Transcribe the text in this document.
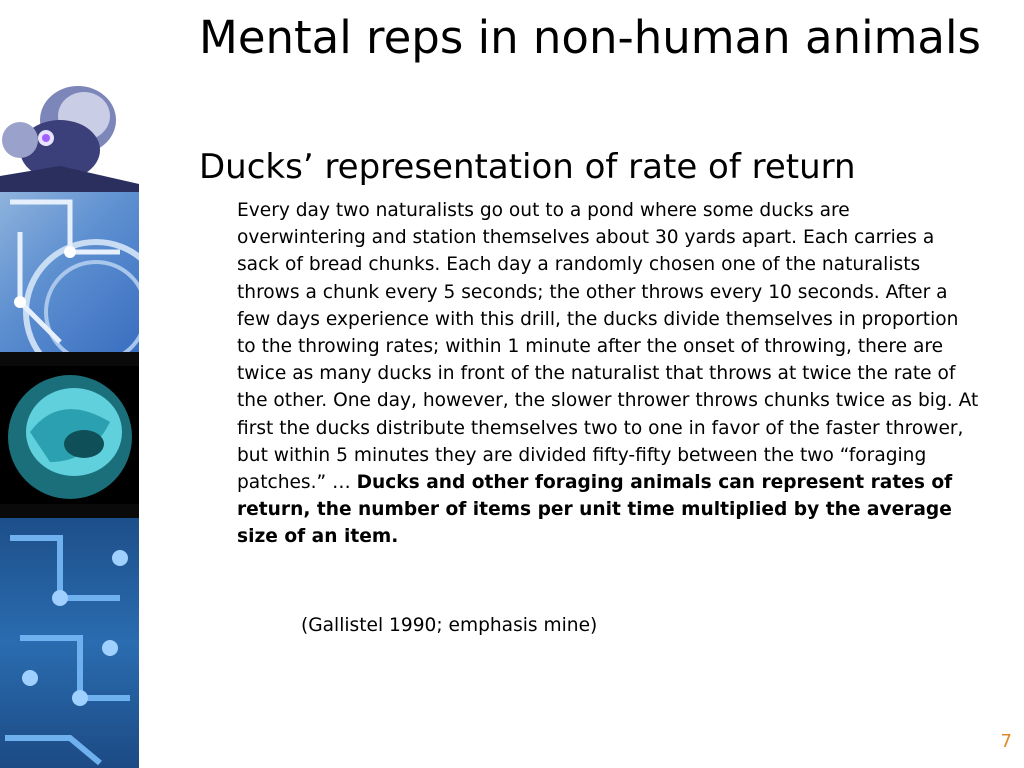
Mental reps in non-human animals
Ducks’ representation of rate of return

Every day two naturalists go out to a pond where some ducks are overwintering and station themselves about 30 yards apart. Each carries a sack of bread chunks. Each day a randomly chosen one of the naturalists throws a chunk every 5 seconds; the other throws every 10 seconds. After a few days experience with this drill, the ducks divide themselves in proportion to the throwing rates; within 1 minute after the onset of throwing, there are twice as many ducks in front of the naturalist that throws at twice the rate of the other. One day, however, the slower thrower throws chunks twice as big. At first the ducks distribute themselves two to one in favor of the faster thrower, but within 5 minutes they are divided fifty-fifty between the two “foraging patches.” … Ducks and other foraging animals can represent rates of return, the number of items per unit time multiplied by the average size of an item.

(Gallistel 1990; emphasis mine)

7
